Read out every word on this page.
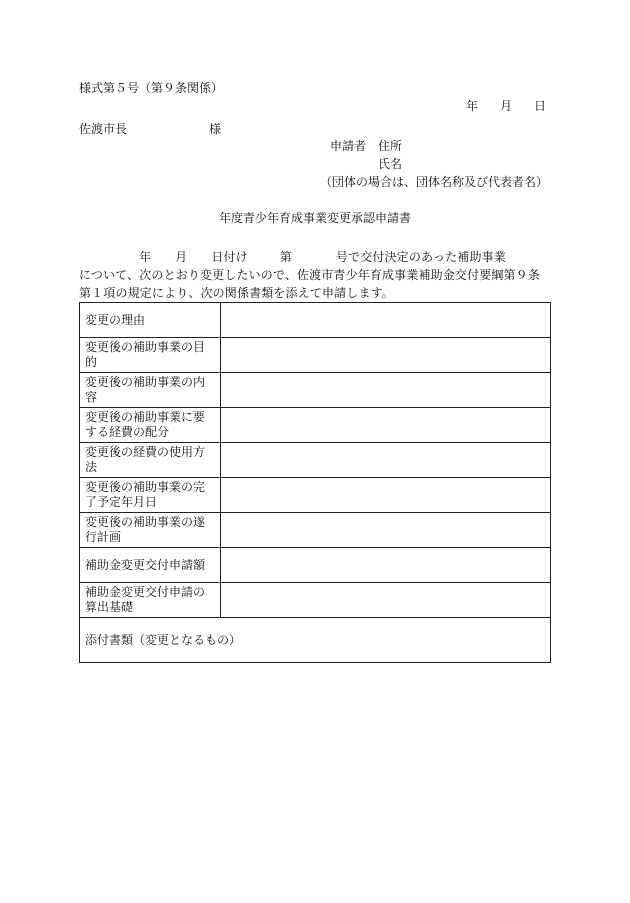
様式第５号（第９条関係）
年 月 日
佐渡市長	様
申請者 住所
氏名
（団体の場合は、団体名称及び代表者名）
年度青少年育成事業変更承認申請書
年 月 日付け	第	号で交付決定のあった補助事業
について、次のとおり変更したいので、佐渡市青少年育成事業補助金交付要綱第９条
第１項の規定により、次の関係書類を添えて申請します。
変更の理由	
変更後の補助事業の目的	
変更後の補助事業の内容	
変更後の補助事業に要する経費の配分	
変更後の経費の使用方法	
変更後の補助事業の完了予定年月日	
変更後の補助事業の遂行計画	
補助金変更交付申請額	
補助金変更交付申請の算出基礎	
添付書類（変更となるもの）	
